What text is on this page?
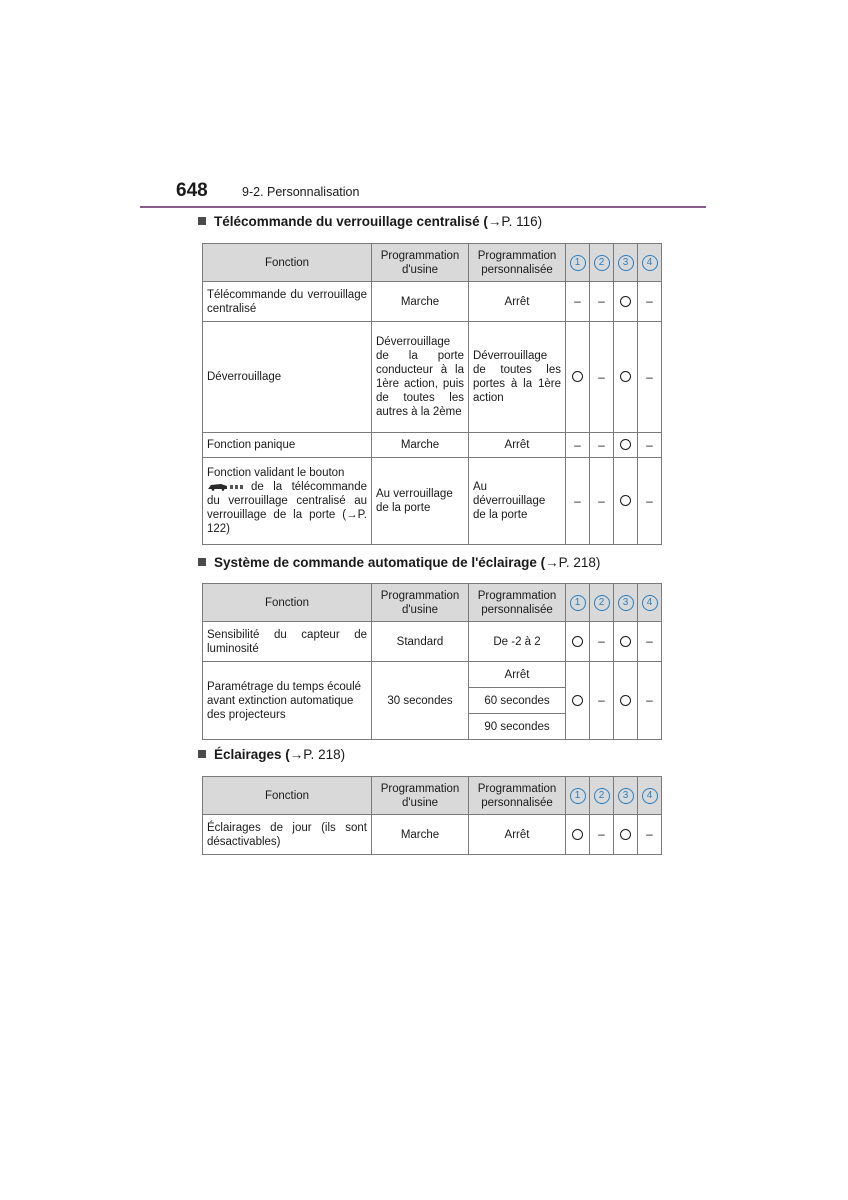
648	9-2. Personnalisation
Télécommande du verrouillage centralisé (→P. 116)
Fonction	Programmation d'usine	Programmation personnalisée	1	2	3	4
Télécommande du verrouillage centralisé	Marche	Arrêt	–	–		–
Déverrouillage	Déverrouillage de la porte conducteur à la 1ère action, puis de toutes les autres à la 2ème	Déverrouillage de toutes les portes à la 1ère action		–		–
Fonction panique	Marche	Arrêt	–	–		–
Fonction validant le bouton
de la télécommande du verrouillage centralisé au verrouillage de la porte (→P. 122)	Au verrouillage de la porte	Au déverrouillage de la porte	–	–		–
Système de commande automatique de l'éclairage (→P. 218)
Fonction	Programmation d'usine	Programmation personnalisée	1	2	3	4
Sensibilité du capteur de luminosité	Standard	De -2 à 2		–		–
Paramétrage du temps écoulé avant extinction automatique des projecteurs	30 secondes	Arrêt		–		–
		60 secondes				
		90 secondes				
Éclairages (→P. 218)
Fonction	Programmation d'usine	Programmation personnalisée	1	2	3	4
Éclairages de jour (ils sont désactivables)	Marche	Arrêt		–		–
